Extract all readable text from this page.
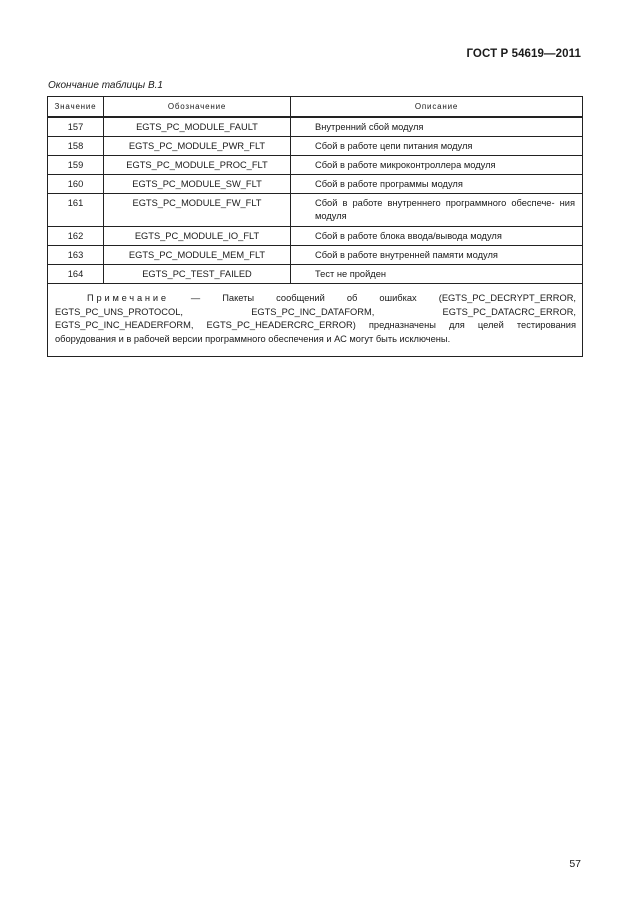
ГОСТ Р 54619—2011
Окончание таблицы В.1
Значение	Обозначение	Описание
157	EGTS_PC_MODULE_FAULT	Внутренний сбой модуля
158	EGTS_PC_MODULE_PWR_FLT	Сбой в работе цепи питания модуля
159	EGTS_PC_MODULE_PROC_FLT	Сбой в работе микроконтроллера модуля
160	EGTS_PC_MODULE_SW_FLT	Сбой в работе программы модуля
161	EGTS_PC_MODULE_FW_FLT	Сбой в работе внутреннего программного обеспече- ния модуля
162	EGTS_PC_MODULE_IO_FLT	Сбой в работе блока ввода/вывода модуля
163	EGTS_PC_MODULE_MEM_FLT	Сбой в работе внутренней памяти модуля
164	EGTS_PC_TEST_FAILED	Тест не пройден
Примечание — Пакеты сообщений об ошибках (EGTS_PC_DECRYPT_ERROR, EGTS_PC_UNS_PROTOCOL, EGTS_PC_INC_DATAFORM, EGTS_PC_DATACRC_ERROR, EGTS_PC_INC_HEADERFORM, EGTS_PC_HEADERCRC_ERROR) предназначены для целей тестирования оборудования и в рабочей версии программного обеспечения и АС могут быть исключены.		
57
